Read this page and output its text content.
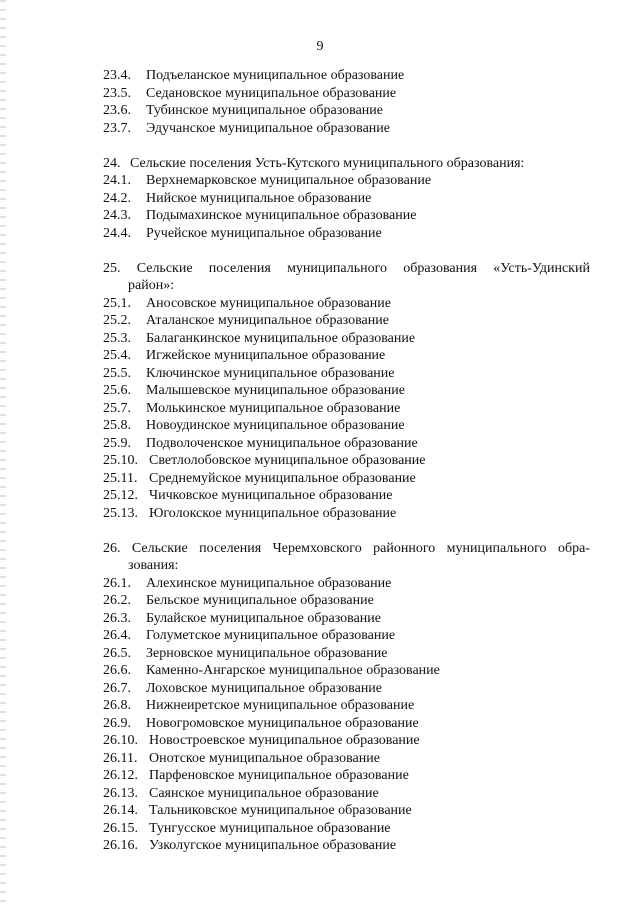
9
23.4. Подъеланское муниципальное образование
23.5. Седановское муниципальное образование
23.6. Тубинское муниципальное образование
23.7. Эдучанское муниципальное образование
24. Сельские поселения Усть-Кутского муниципального образования:
24.1. Верхнемарковское муниципальное образование
24.2. Нийское муниципальное образование
24.3. Подымахинское муниципальное образование
24.4. Ручейское муниципальное образование
25. Сельские поселения муниципального образования «Усть-Удинский
район»:
25.1. Аносовское муниципальное образование
25.2. Аталанское муниципальное образование
25.3. Балаганкинское муниципальное образование
25.4. Игжейское муниципальное образование
25.5. Ключинское муниципальное образование
25.6. Малышевское муниципальное образование
25.7. Молькинское муниципальное образование
25.8. Новоудинское муниципальное образование
25.9. Подволоченское муниципальное образование
25.10. Светлолобовское муниципальное образование
25.11. Среднемуйское муниципальное образование
25.12. Чичковское муниципальное образование
25.13. Юголокское муниципальное образование
26. Сельские поселения Черемховского районного муниципального обра-
зования:
26.1. Алехинское муниципальное образование
26.2. Бельское муниципальное образование
26.3. Булайское муниципальное образование
26.4. Голуметское муниципальное образование
26.5. Зерновское муниципальное образование
26.6. Каменно-Ангарское муниципальное образование
26.7. Лоховское муниципальное образование
26.8. Нижнеиретское муниципальное образование
26.9. Новогромовское муниципальное образование
26.10. Новостроевское муниципальное образование
26.11. Онотское муниципальное образование
26.12. Парфеновское муниципальное образование
26.13. Саянское муниципальное образование
26.14. Тальниковское муниципальное образование
26.15. Тунгусское муниципальное образование
26.16. Узколугское муниципальное образование
